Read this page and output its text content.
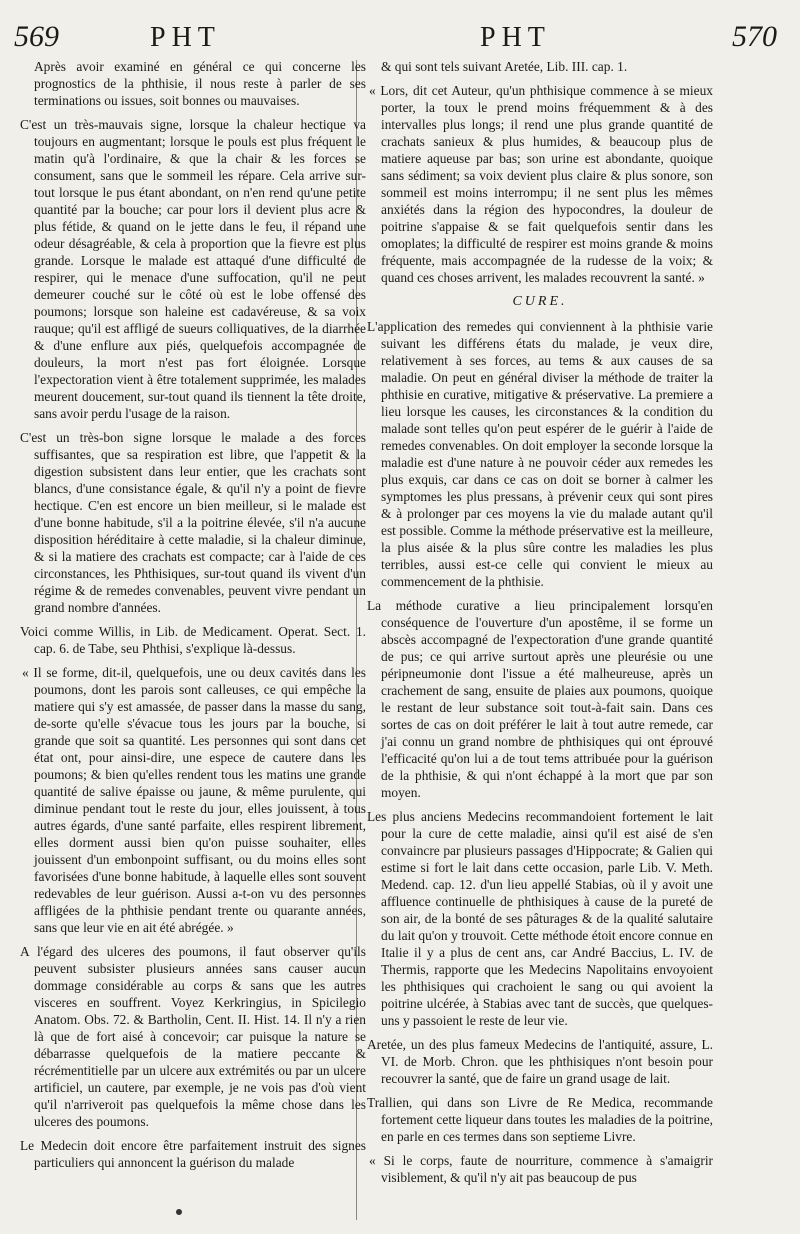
569	PHT	PHT	570

Après avoir examiné en général ce qui concerne les prognostics de la phthisie, il nous reste à parler de ses terminations ou issues, soit bonnes ou mauvaises.

C'est un très-mauvais signe, lorsque la chaleur hectique va toujours en augmentant; lorsque le pouls est plus fréquent le matin qu'à l'ordinaire, & que la chair & les forces se consument, sans que le sommeil les répare. Cela arrive sur-tout lorsque le pus étant abondant, on n'en rend qu'une petite quantité par la bouche; car pour lors il devient plus acre & plus fétide, & quand on le jette dans le feu, il répand une odeur désagréable, & cela à proportion que la fievre est plus grande. Lorsque le malade est attaqué d'une difficulté de respirer, qui le menace d'une suffocation, qu'il ne peut demeurer couché sur le côté où est le lobe offensé des poumons; lorsque son haleine est cadavéreuse, & sa voix rauque; qu'il est affligé de sueurs colliquatives, de la diarrhée & d'une enflure aux piés, quelquefois accompagnée de douleurs, la mort n'est pas fort éloignée. Lorsque l'expectoration vient à être totalement supprimée, les malades meurent doucement, sur-tout quand ils tiennent la tête droite, sans avoir perdu l'usage de la raison.

C'est un très-bon signe lorsque le malade a des forces suffisantes, que sa respiration est libre, que l'appetit & la digestion subsistent dans leur entier, que les crachats sont blancs, d'une consistance égale, & qu'il n'y a point de fievre hectique. C'en est encore un bien meilleur, si le malade est d'une bonne habitude, s'il a la poitrine élevée, s'il n'a aucune disposition héréditaire à cette maladie, si la chaleur diminue, & si la matiere des crachats est compacte; car à l'aide de ces circonstances, les Phthisiques, sur-tout quand ils vivent d'un régime & de remedes convenables, peuvent vivre pendant un grand nombre d'années.

Voici comme Willis, in Lib. de Medicament. Operat. Sect. 1. cap. 6. de Tabe, seu Phthisi, s'explique là-dessus.

« Il se forme, dit-il, quelquefois, une ou deux cavités dans les poumons, dont les parois sont calleuses, ce qui empêche la matiere qui s'y est amassée, de passer dans la masse du sang, de-sorte qu'elle s'évacue tous les jours par la bouche, si grande que soit sa quantité. Les personnes qui sont dans cet état ont, pour ainsi-dire, une espece de cautere dans les poumons; & bien qu'elles rendent tous les matins une grande quantité de salive épaisse ou jaune, & même purulente, qui diminue pendant tout le reste du jour, elles jouissent, à tous autres égards, d'une santé parfaite, elles respirent librement, elles dorment aussi bien qu'on puisse souhaiter, elles jouissent d'un embonpoint suffisant, ou du moins elles sont favorisées d'une bonne habitude, à laquelle elles sont souvent redevables de leur guérison. Aussi a-t-on vu des personnes affligées de la phthisie pendant trente ou quarante années, sans que leur vie en ait été abrégée. »

A l'égard des ulceres des poumons, il faut observer qu'ils peuvent subsister plusieurs années sans causer aucun dommage considérable au corps & sans que les autres visceres en souffrent. Voyez Kerkringius, in Spicilegio Anatom. Obs. 72. & Bartholin, Cent. II. Hist. 14. Il n'y a rien là que de fort aisé à concevoir; car puisque la nature se débarrasse quelquefois de la matiere peccante & récrémentitielle par un ulcere aux extrémités ou par un ulcere artificiel, un cautere, par exemple, je ne vois pas d'où vient qu'il n'arriveroit pas quelquefois la même chose dans les ulceres des poumons.

Le Medecin doit encore être parfaitement instruit des signes particuliers qui annoncent la guérison du malade

& qui sont tels suivant Aretée, Lib. III. cap. 1.

« Lors, dit cet Auteur, qu'un phthisique commence à se mieux porter, la toux le prend moins fréquemment & à des intervalles plus longs; il rend une plus grande quantité de crachats sanieux & plus humides, & beaucoup plus de matiere aqueuse par bas; son urine est abondante, quoique sans sédiment; sa voix devient plus claire & plus sonore, son sommeil est moins interrompu; il ne sent plus les mêmes anxiétés dans la région des hypocondres, la douleur de poitrine s'appaise & se fait quelquefois sentir dans les omoplates; la difficulté de respirer est moins grande & moins fréquente, mais accompagnée de la rudesse de la voix; & quand ces choses arrivent, les malades recouvrent la santé. »

CURE.

L'application des remedes qui conviennent à la phthisie varie suivant les différens états du malade, je veux dire, relativement à ses forces, au tems & aux causes de sa maladie. On peut en général diviser la méthode de traiter la phthisie en curative, mitigative & préservative. La premiere a lieu lorsque les causes, les circonstances & la condition du malade sont telles qu'on peut espérer de le guérir à l'aide de remedes convenables. On doit employer la seconde lorsque la maladie est d'une nature à ne pouvoir céder aux remedes les plus exquis, car dans ce cas on doit se borner à calmer les symptomes les plus pressans, à prévenir ceux qui sont pires & à prolonger par ces moyens la vie du malade autant qu'il est possible. Comme la méthode préservative est la meilleure, la plus aisée & la plus sûre contre les maladies les plus terribles, aussi est-ce celle qui convient le mieux au commencement de la phthisie.

La méthode curative a lieu principalement lorsqu'en conséquence de l'ouverture d'un apostême, il se forme un abscès accompagné de l'expectoration d'une grande quantité de pus; ce qui arrive surtout après une pleurésie ou une péripneumonie dont l'issue a été malheureuse, après un crachement de sang, ensuite de plaies aux poumons, quoique le restant de leur substance soit tout-à-fait sain. Dans ces sortes de cas on doit préférer le lait à tout autre remede, car j'ai connu un grand nombre de phthisiques qui ont éprouvé l'efficacité qu'on lui a de tout tems attribuée pour la guérison de la phthisie, & qui n'ont échappé à la mort que par son moyen.

Les plus anciens Medecins recommandoient fortement le lait pour la cure de cette maladie, ainsi qu'il est aisé de s'en convaincre par plusieurs passages d'Hippocrate; & Galien qui estime si fort le lait dans cette occasion, parle Lib. V. Meth. Medend. cap. 12. d'un lieu appellé Stabias, où il y avoit une affluence continuelle de phthisiques à cause de la pureté de son air, de la bonté de ses pâturages & de la qualité salutaire du lait qu'on y trouvoit. Cette méthode étoit encore connue en Italie il y a plus de cent ans, car André Baccius, L. IV. de Thermis, rapporte que les Medecins Napolitains envoyoient les phthisiques qui crachoient le sang ou qui avoient la poitrine ulcérée, à Stabias avec tant de succès, que quelques-uns y passoient le reste de leur vie.

Aretée, un des plus fameux Medecins de l'antiquité, assure, L. VI. de Morb. Chron. que les phthisiques n'ont besoin pour recouvrer la santé, que de faire un grand usage de lait.

Trallien, qui dans son Livre de Re Medica, recommande fortement cette liqueur dans toutes les maladies de la poitrine, en parle en ces termes dans son septieme Livre.

« Si le corps, faute de nourriture, commence à s'amaigrir visiblement, & qu'il n'y ait pas beaucoup de pus
